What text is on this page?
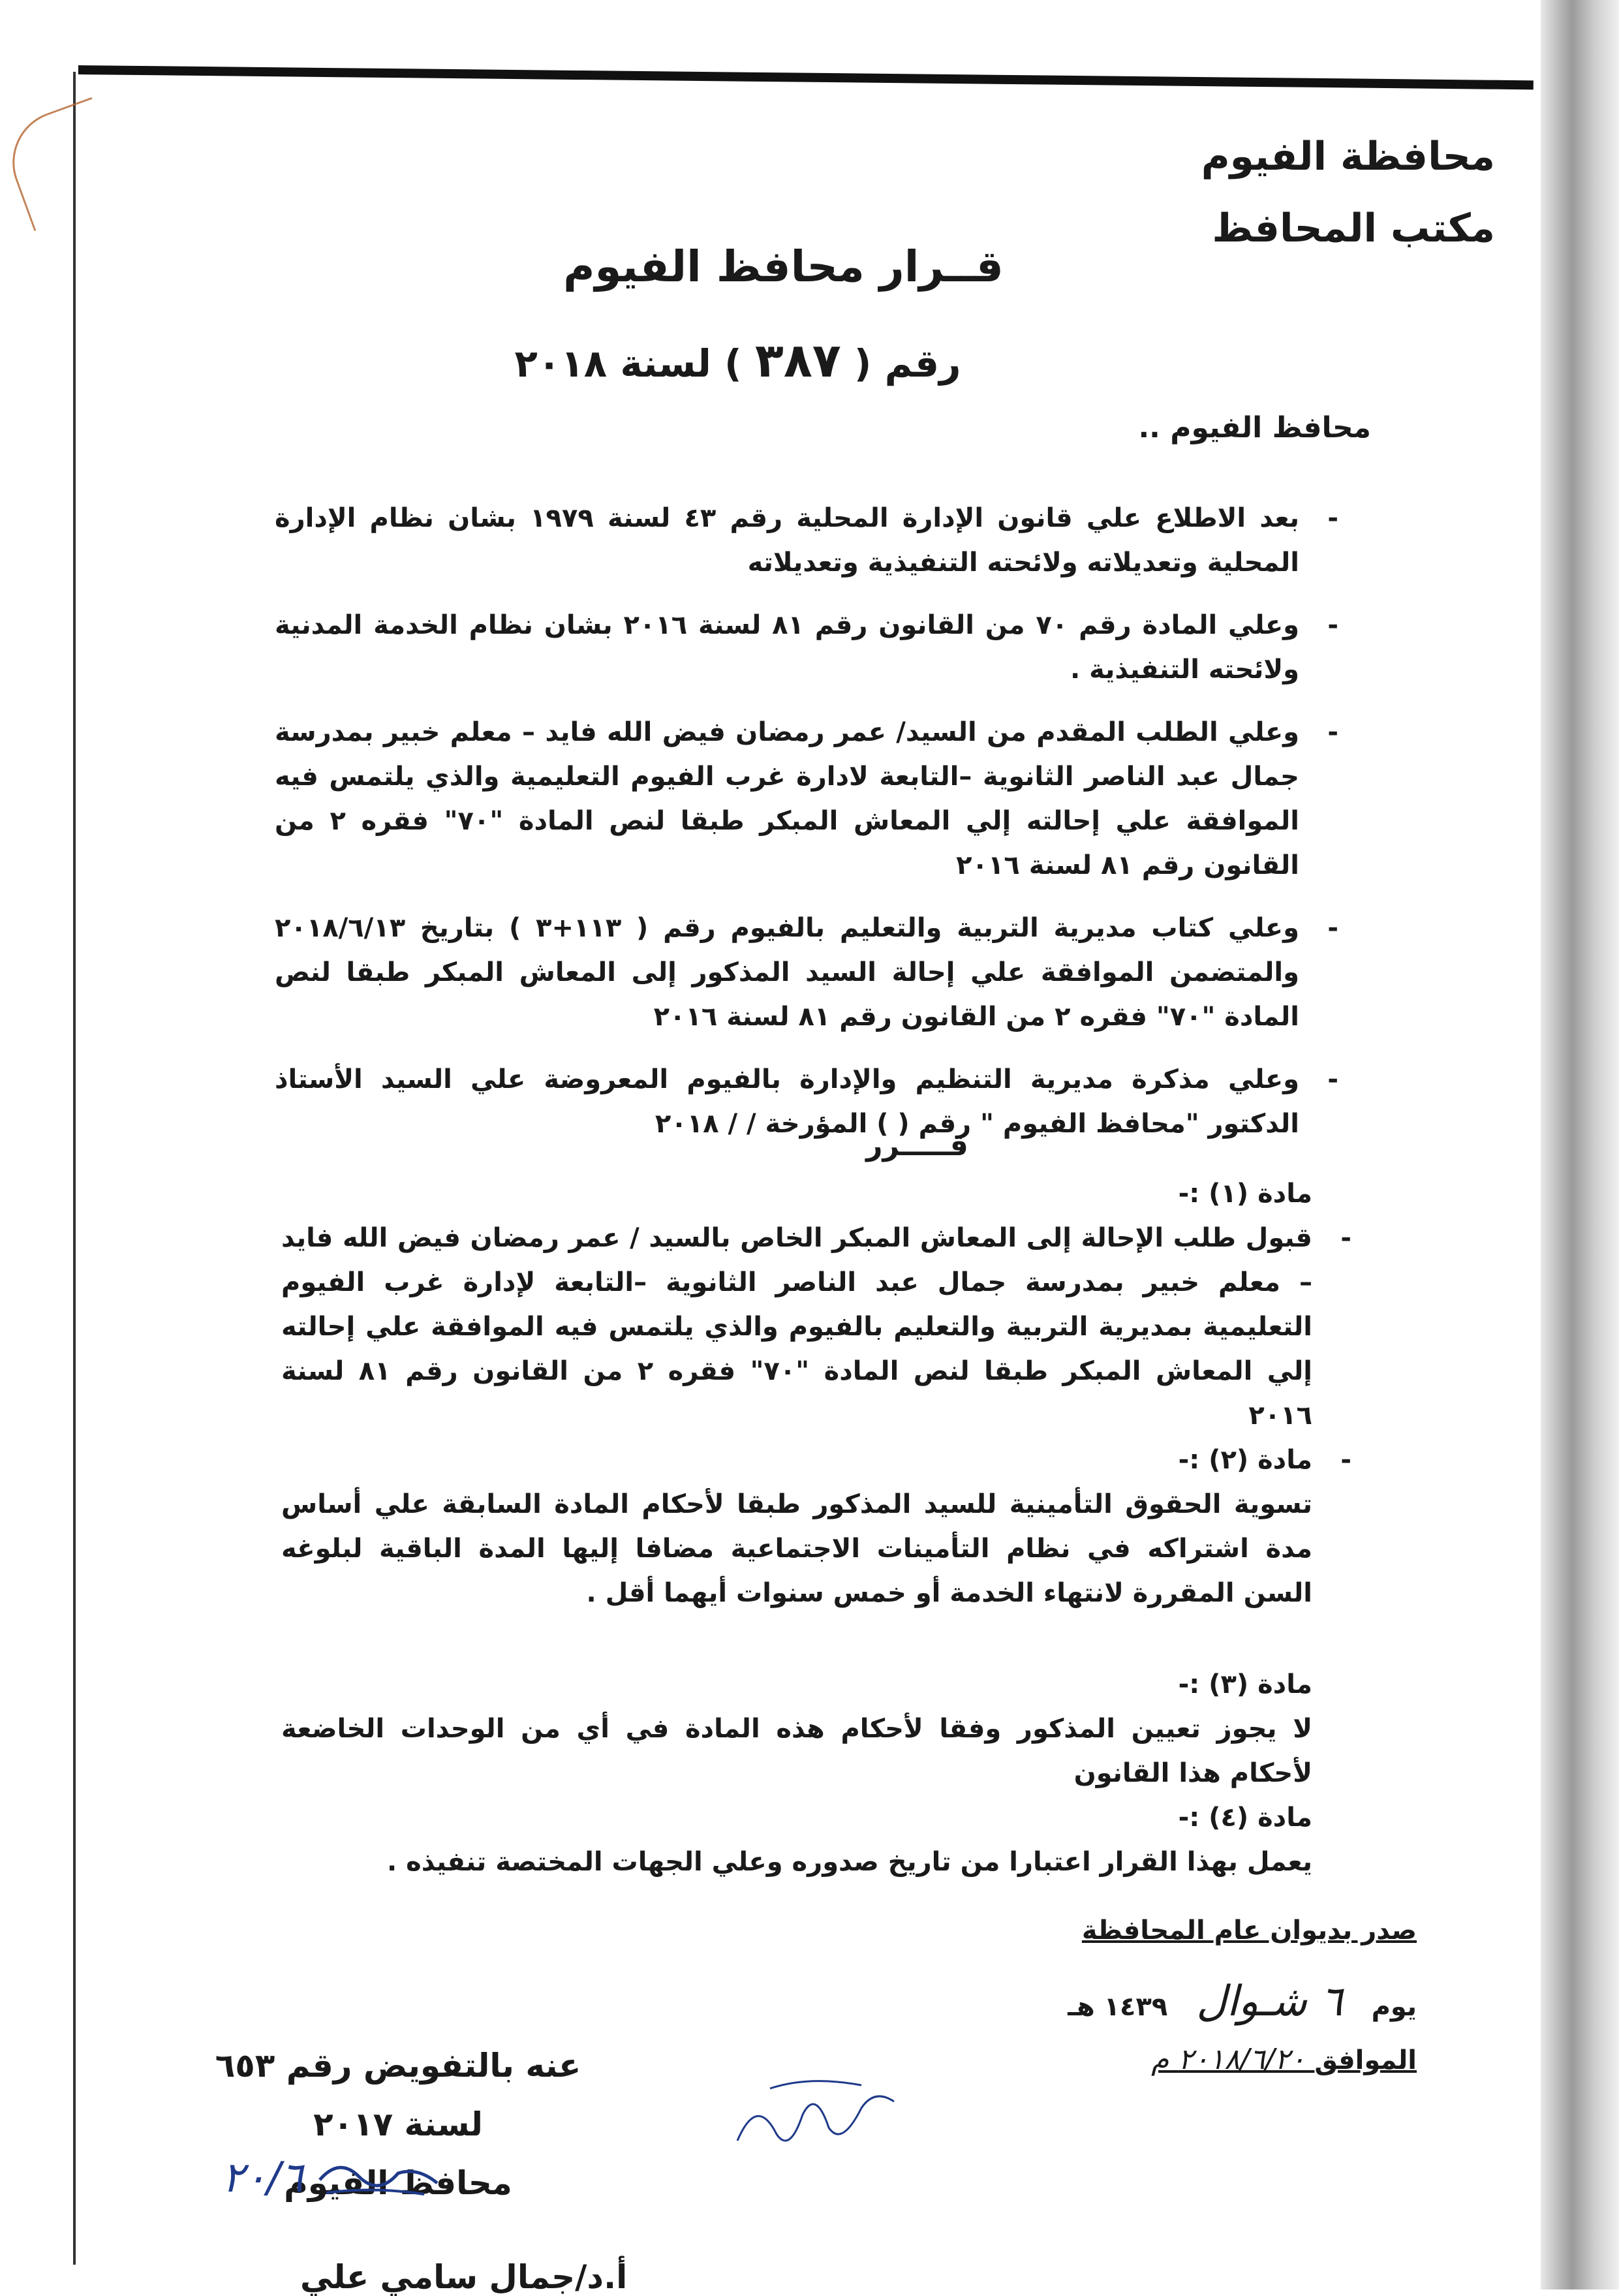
محافظة الفيوم
مكتب المحافظ
قــرار محافظ الفيوم
رقم ( ٣٨٧ ) لسنة ٢٠١٨
محافظ الفيوم ..
-
بعد الاطلاع علي قانون الإدارة المحلية رقم ٤٣ لسنة ١٩٧٩ بشان نظام الإدارة المحلية وتعديلاته ولائحته التنفيذية وتعديلاته
-
وعلي المادة رقم ٧٠ من القانون رقم ٨١ لسنة ٢٠١٦ بشان نظام الخدمة المدنية ولائحته التنفيذية .
-
وعلي الطلب المقدم من السيد/ عمر رمضان فيض الله فايد – معلم خبير بمدرسة جمال عبد الناصر الثانوية –التابعة لادارة غرب الفيوم التعليمية والذي يلتمس فيه الموافقة علي إحالته إلي المعاش المبكر طبقا لنص المادة "٧٠" فقره ٢ من القانون رقم ٨١ لسنة ٢٠١٦
-
وعلي كتاب مديرية التربية والتعليم بالفيوم رقم ( ١١٣+٣ ) بتاريخ ٢٠١٨/٦/١٣ والمتضمن الموافقة علي إحالة السيد المذكور إلى المعاش المبكر طبقا لنص المادة "٧٠" فقره ٢ من القانون رقم ٨١ لسنة ٢٠١٦
-
وعلي مذكرة مديرية التنظيم والإدارة بالفيوم المعروضة علي السيد الأستاذ الدكتور "محافظ الفيوم " رقم ( ) المؤرخة / / ٢٠١٨
قـــــرر
مادة (١) :-
-
قبول طلب الإحالة إلى المعاش المبكر الخاص بالسيد / عمر رمضان فيض الله فايد – معلم خبير بمدرسة جمال عبد الناصر الثانوية –التابعة لإدارة غرب الفيوم التعليمية بمديرية التربية والتعليم بالفيوم والذي يلتمس فيه الموافقة علي إحالته إلي المعاش المبكر طبقا لنص المادة "٧٠" فقره ٢ من القانون رقم ٨١ لسنة ٢٠١٦
-
مادة (٢) :-
تسوية الحقوق التأمينية للسيد المذكور طبقا لأحكام المادة السابقة علي أساس مدة اشتراكه في نظام التأمينات الاجتماعية مضافا إليها المدة الباقية لبلوغه السن المقررة لانتهاء الخدمة أو خمس سنوات أيهما أقل .
مادة (٣) :-
لا يجوز تعيين المذكور وفقا لأحكام هذه المادة في أي من الوحدات الخاضعة لأحكام هذا القانون
مادة (٤) :-
يعمل بهذا القرار اعتبارا من تاريخ صدوره وعلي الجهات المختصة تنفيذه .
صدر بديوان عام المحافظة
يوم ٦ شـوال ١٤٣٩ هـ
الموافق ٢٠١٨/٦/٢٠ م
عنه بالتفويض رقم ٦٥٣ لسنة ٢٠١٧
محافظ الفيوم
٢٠/٦
أ.د/جمال سامي علي
